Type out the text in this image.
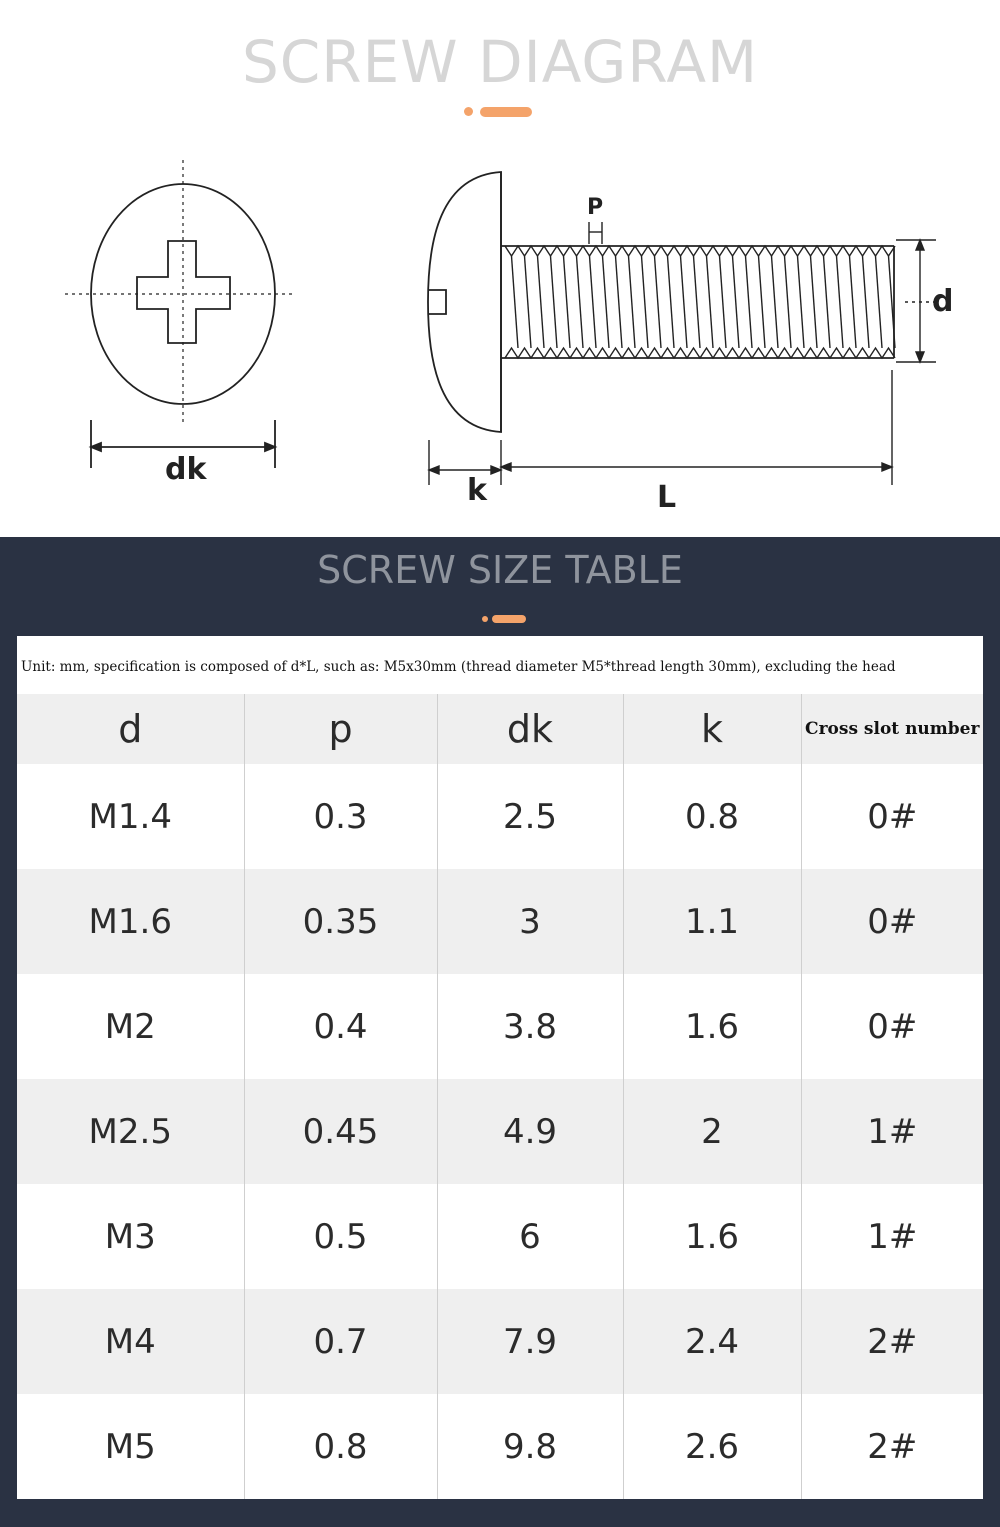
SCREW DIAGRAM
dk
k	L
d
P
SCREW SIZE TABLE
Unit: mm, specification is composed of d*L, such as: M5x30mm (thread diameter M5*thread length 30mm), excluding the head
d	p	dk	k	Cross slot number
M1.4	0.3	2.5	0.8	0#
M1.6	0.35	3	1.1	0#
M2	0.4	3.8	1.6	0#
M2.5	0.45	4.9	2	1#
M3	0.5	6	1.6	1#
M4	0.7	7.9	2.4	2#
M5	0.8	9.8	2.6	2#
